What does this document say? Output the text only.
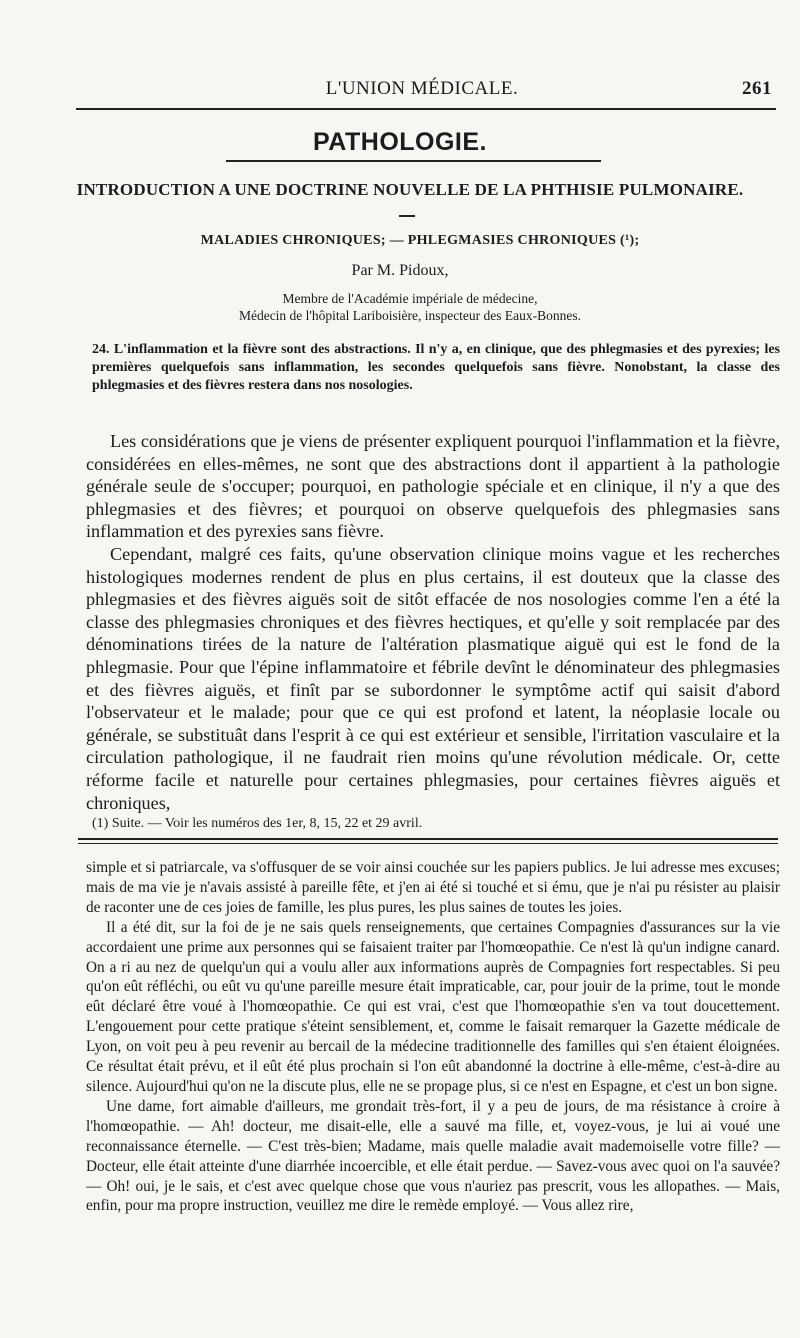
L'UNION MÉDICALE.	261
PATHOLOGIE.
INTRODUCTION A UNE DOCTRINE NOUVELLE DE LA PHTHISIE PULMONAIRE.
MALADIES CHRONIQUES; — PHLEGMASIES CHRONIQUES (¹);
Par M. Pidoux,
Membre de l'Académie impériale de médecine,
Médecin de l'hôpital Lariboisière, inspecteur des Eaux-Bonnes.
24. L'inflammation et la fièvre sont des abstractions. Il n'y a, en clinique, que des phlegmasies et des pyrexies; les premières quelquefois sans inflammation, les secondes quelquefois sans fièvre. Nonobstant, la classe des phlegmasies et des fièvres restera dans nos nosologies.

Les considérations que je viens de présenter expliquent pourquoi l'inflammation et la fièvre, considérées en elles-mêmes, ne sont que des abstractions dont il appartient à la pathologie générale seule de s'occuper; pourquoi, en pathologie spéciale et en clinique, il n'y a que des phlegmasies et des fièvres; et pourquoi on observe quelquefois des phlegmasies sans inflammation et des pyrexies sans fièvre.

Cependant, malgré ces faits, qu'une observation clinique moins vague et les recherches histologiques modernes rendent de plus en plus certains, il est douteux que la classe des phlegmasies et des fièvres aiguës soit de sitôt effacée de nos nosologies comme l'en a été la classe des phlegmasies chroniques et des fièvres hectiques, et qu'elle y soit remplacée par des dénominations tirées de la nature de l'altération plasmatique aiguë qui est le fond de la phlegmasie. Pour que l'épine inflammatoire et fébrile devînt le dénominateur des phlegmasies et des fièvres aiguës, et finît par se subordonner le symptôme actif qui saisit d'abord l'observateur et le malade; pour que ce qui est profond et latent, la néoplasie locale ou générale, se substituât dans l'esprit à ce qui est extérieur et sensible, l'irritation vasculaire et la circulation pathologique, il ne faudrait rien moins qu'une révolution médicale. Or, cette réforme facile et naturelle pour certaines phlegmasies, pour certaines fièvres aiguës et chroniques,

(1) Suite. — Voir les numéros des 1er, 8, 15, 22 et 29 avril.

simple et si patriarcale, va s'offusquer de se voir ainsi couchée sur les papiers publics. Je lui adresse mes excuses; mais de ma vie je n'avais assisté à pareille fête, et j'en ai été si touché et si ému, que je n'ai pu résister au plaisir de raconter une de ces joies de famille, les plus pures, les plus saines de toutes les joies.

Il a été dit, sur la foi de je ne sais quels renseignements, que certaines Compagnies d'assurances sur la vie accordaient une prime aux personnes qui se faisaient traiter par l'homœopathie. Ce n'est là qu'un indigne canard. On a ri au nez de quelqu'un qui a voulu aller aux informations auprès de Compagnies fort respectables. Si peu qu'on eût réfléchi, ou eût vu qu'une pareille mesure était impraticable, car, pour jouir de la prime, tout le monde eût déclaré être voué à l'homœopathie. Ce qui est vrai, c'est que l'homœopathie s'en va tout doucettement. L'engouement pour cette pratique s'éteint sensiblement, et, comme le faisait remarquer la Gazette médicale de Lyon, on voit peu à peu revenir au bercail de la médecine traditionnelle des familles qui s'en étaient éloignées. Ce résultat était prévu, et il eût été plus prochain si l'on eût abandonné la doctrine à elle-même, c'est-à-dire au silence. Aujourd'hui qu'on ne la discute plus, elle ne se propage plus, si ce n'est en Espagne, et c'est un bon signe.

Une dame, fort aimable d'ailleurs, me grondait très-fort, il y a peu de jours, de ma résistance à croire à l'homœopathie. — Ah! docteur, me disait-elle, elle a sauvé ma fille, et, voyez-vous, je lui ai voué une reconnaissance éternelle. — C'est très-bien; Madame, mais quelle maladie avait mademoiselle votre fille? — Docteur, elle était atteinte d'une diarrhée incoercible, et elle était perdue. — Savez-vous avec quoi on l'a sauvée? — Oh! oui, je le sais, et c'est avec quelque chose que vous n'auriez pas prescrit, vous les allopathes. — Mais, enfin, pour ma propre instruction, veuillez me dire le remède employé. — Vous allez rire,
